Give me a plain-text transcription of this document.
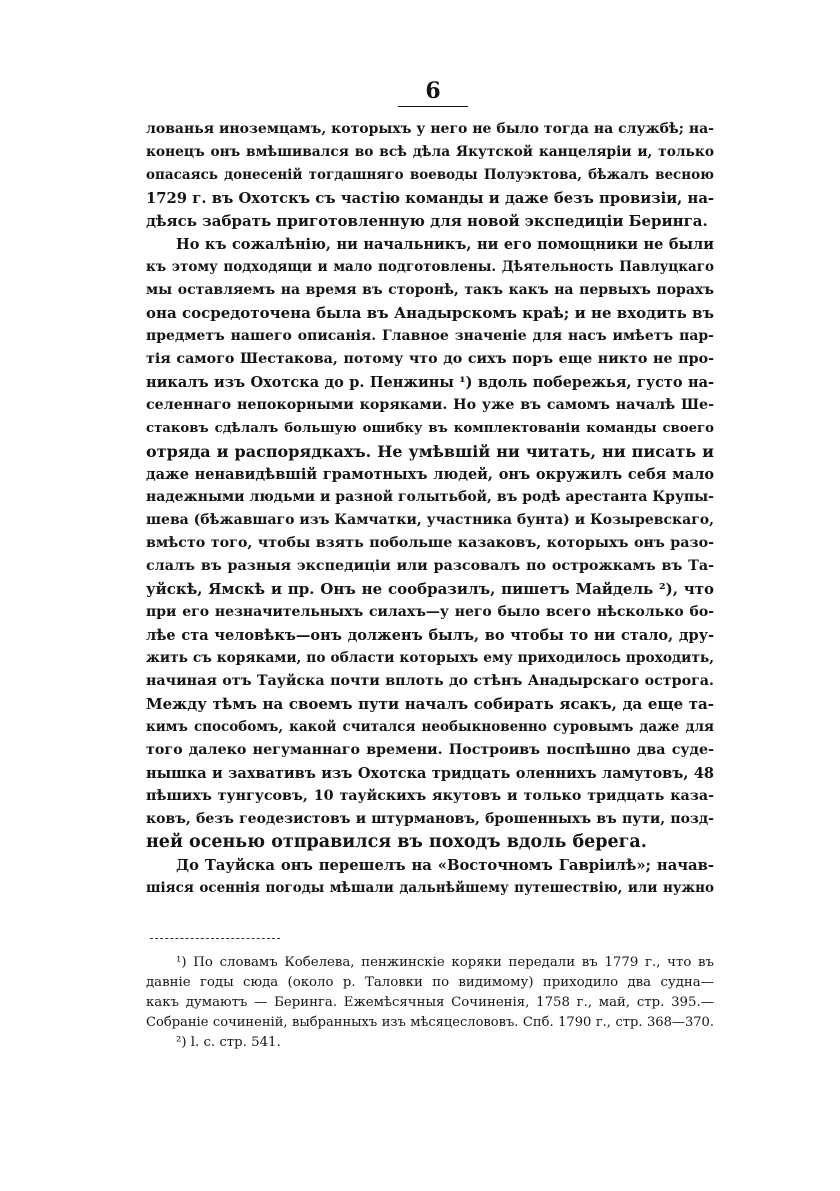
6
лованья иноземцамъ, которыхъ у него не было тогда на службѣ; на-
конецъ онъ вмѣшивался во всѣ дѣла Якутской канцеляріи и, только
опасаясь донесеній тогдашняго воеводы Полуэктова, бѣжалъ весною
1729 г. въ Охотскъ съ частію команды и даже безъ провизіи, на-
дѣясь забрать приготовленную для новой экспедиціи Беринга.
Но къ сожалѣнію, ни начальникъ, ни его помощники не были
къ этому подходящи и мало подготовлены. Дѣятельность Павлуцкаго
мы оставляемъ на время въ сторонѣ, такъ какъ на первыхъ порахъ
она сосредоточена была въ Анадырскомъ краѣ; и не входить въ
предметъ нашего описанія. Главное значеніе для насъ имѣетъ пар-
тія самого Шестакова, потому что до сихъ поръ еще никто не про-
никалъ изъ Охотска до р. Пенжины ¹) вдоль побережья, густо на-
селеннаго непокорными коряками. Но уже въ самомъ началѣ Ше-
стаковъ сдѣлалъ большую ошибку въ комплектованіи команды своего
отряда и распорядкахъ. Не умѣвшій ни читать, ни писать и
даже ненавидѣвшій грамотныхъ людей, онъ окружилъ себя мало
надежными людьми и разной голытьбой, въ родѣ арестанта Крупы-
шева (бѣжавшаго изъ Камчатки, участника бунта) и Козыревскаго,
вмѣсто того, чтобы взять побольше казаковъ, которыхъ онъ разо-
слалъ въ разныя экспедиціи или разсовалъ по острожкамъ въ Та-
уйскѣ, Ямскѣ и пр. Онъ не сообразилъ, пишетъ Майдель ²), что
при его незначительныхъ силахъ—у него было всего нѣсколько бо-
лѣе ста человѣкъ—онъ долженъ былъ, во чтобы то ни стало, дру-
жить съ коряками, по области которыхъ ему приходилось проходить,
начиная отъ Тауйска почти вплоть до стѣнъ Анадырскаго острога.
Между тѣмъ на своемъ пути началъ собирать ясакъ, да еще та-
кимъ способомъ, какой считался необыкновенно суровымъ даже для
того далеко негуманнаго времени. Построивъ поспѣшно два суде-
нышка и захвативъ изъ Охотска тридцать оленнихъ ламутовъ, 48
пѣшихъ тунгусовъ, 10 тауйскихъ якутовъ и только тридцать каза-
ковъ, безъ геодезистовъ и штурмановъ, брошенныхъ въ пути, позд-
ней осенью отправился въ походъ вдоль берега.
До Тауйска онъ перешелъ на «Восточномъ Гавріилѣ»; начав-
шіяся осеннія погоды мѣшали дальнѣйшему путешествію, или нужно
¹) По словамъ Кобелева, пенжинскіе коряки передали въ 1779 г., что въ
давніе годы сюда (около р. Таловки по видимому) приходило два судна—
какъ думаютъ — Беринга. Ежемѣсячныя Сочиненія, 1758 г., май, стр. 395.—
Собраніе сочиненій, выбранныхъ изъ мѣсяцеслововъ. Спб. 1790 г., стр. 368—370.
²) l. c. стр. 541.
